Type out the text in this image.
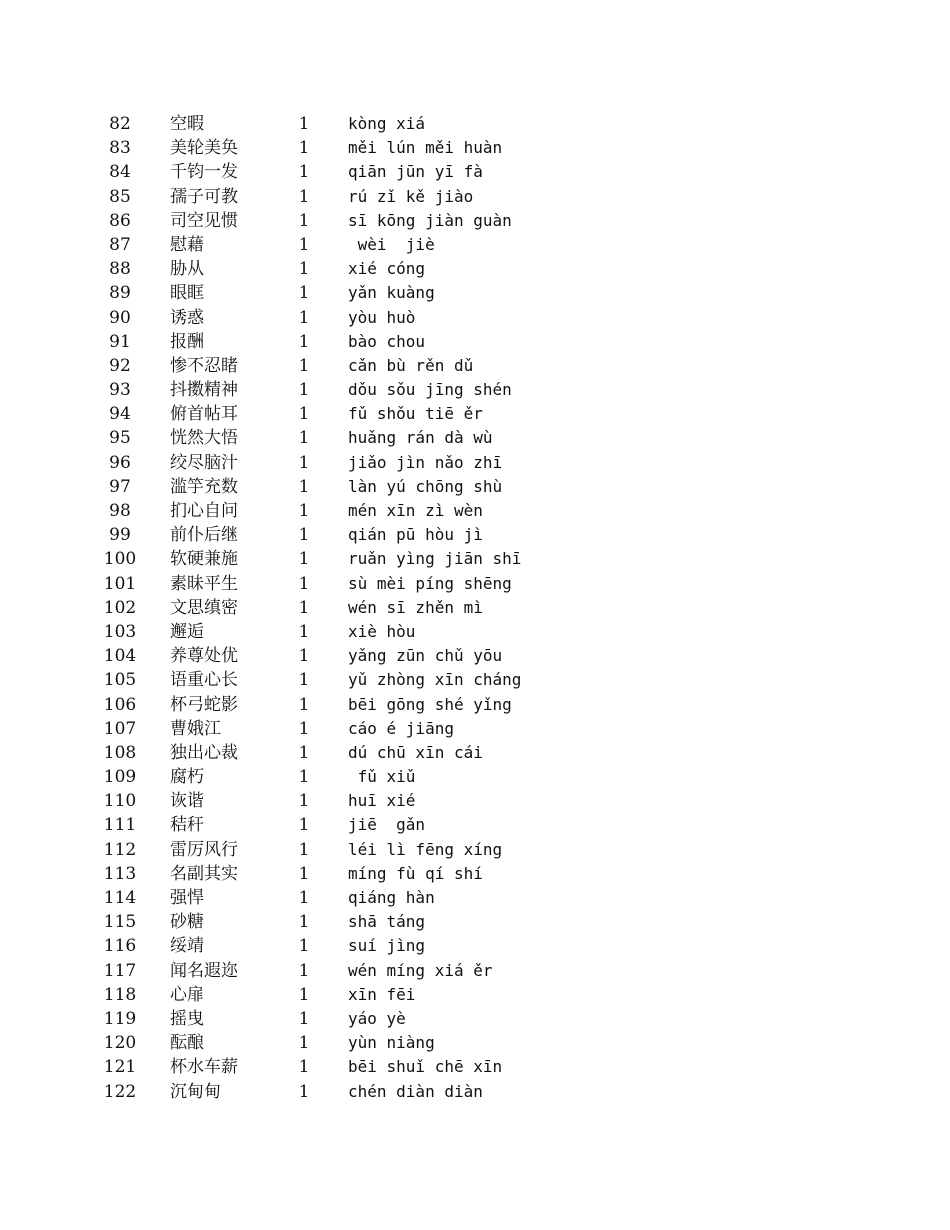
82	空暇	1 kòng xiá
83	美轮美奂	1 měi lún měi huàn
84	千钧一发	1 qiān jūn yī fà
85	孺子可教	1 rú zǐ kě jiào
86	司空见惯	1 sī kōng jiàn guàn
87	慰藉	1 wèi  jiè
88	胁从	1 xié cóng
89	眼眶	1 yǎn kuàng
90	诱惑	1 yòu huò
91	报酬	1 bào chou
92	惨不忍睹	1 cǎn bù rěn dǔ
93	抖擞精神	1 dǒu sǒu jīng shén
94	俯首帖耳	1 fǔ shǒu tiē ěr
95	恍然大悟	1 huǎng rán dà wù
96	绞尽脑汁	1 jiǎo jìn nǎo zhī
97	滥竽充数	1 làn yú chōng shù
98	扪心自问	1 mén xīn zì wèn
99	前仆后继	1 qián pū hòu jì
100 软硬兼施	1 ruǎn yìng jiān shī
101 素昧平生	1 sù mèi píng shēng
102 文思缜密	1 wén sī zhěn mì
103 邂逅	1 xiè hòu
104 养尊处优	1 yǎng zūn chǔ yōu
105 语重心长	1 yǔ zhòng xīn cháng
106 杯弓蛇影	1 bēi gōng shé yǐng
107 曹娥江	1 cáo é jiāng
108 独出心裁	1 dú chū xīn cái
109 腐朽	1 fǔ xiǔ
110 诙谐	1 huī xié
111 秸秆	1 jiē  gǎn
112 雷厉风行	1 léi lì fēng xíng
113 名副其实	1 míng fù qí shí
114 强悍	1 qiáng hàn
115 砂糖	1 shā táng
116 绥靖	1 suí jìng
117 闻名遐迩	1 wén míng xiá ěr
118 心扉	1 xīn fēi
119 摇曳	1 yáo yè
120 酝酿	1 yùn niàng
121 杯水车薪	1 bēi shuǐ chē xīn
122 沉甸甸	1 chén diàn diàn
